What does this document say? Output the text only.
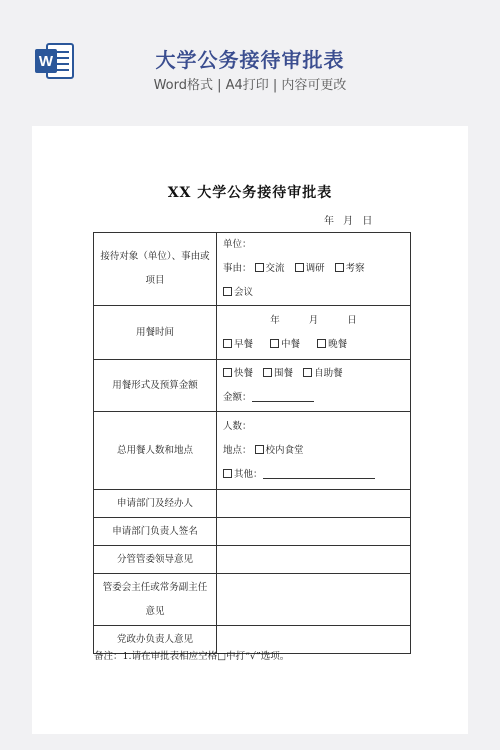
W	大学公务接待审批表
Word格式 | A4打印 | 内容可更改
XX 大学公务接待审批表
年 月 日
接待对象（单位）、事由或项目	单位：
事由： 交流 调研 考察 会议

用餐时间	年 月 日
早餐 中餐 晚餐

用餐形式及预算金额	快餐 围餐 自助餐
金额：

总用餐人数和地点	人数：
地点： 校内食堂 其他：

申请部门及经办人	
申请部门负责人签名	
分管管委领导意见	
管委会主任或常务副主任意见	
党政办负责人意见	
备注：1.请在审批表相应空格□中打“√”选项。
